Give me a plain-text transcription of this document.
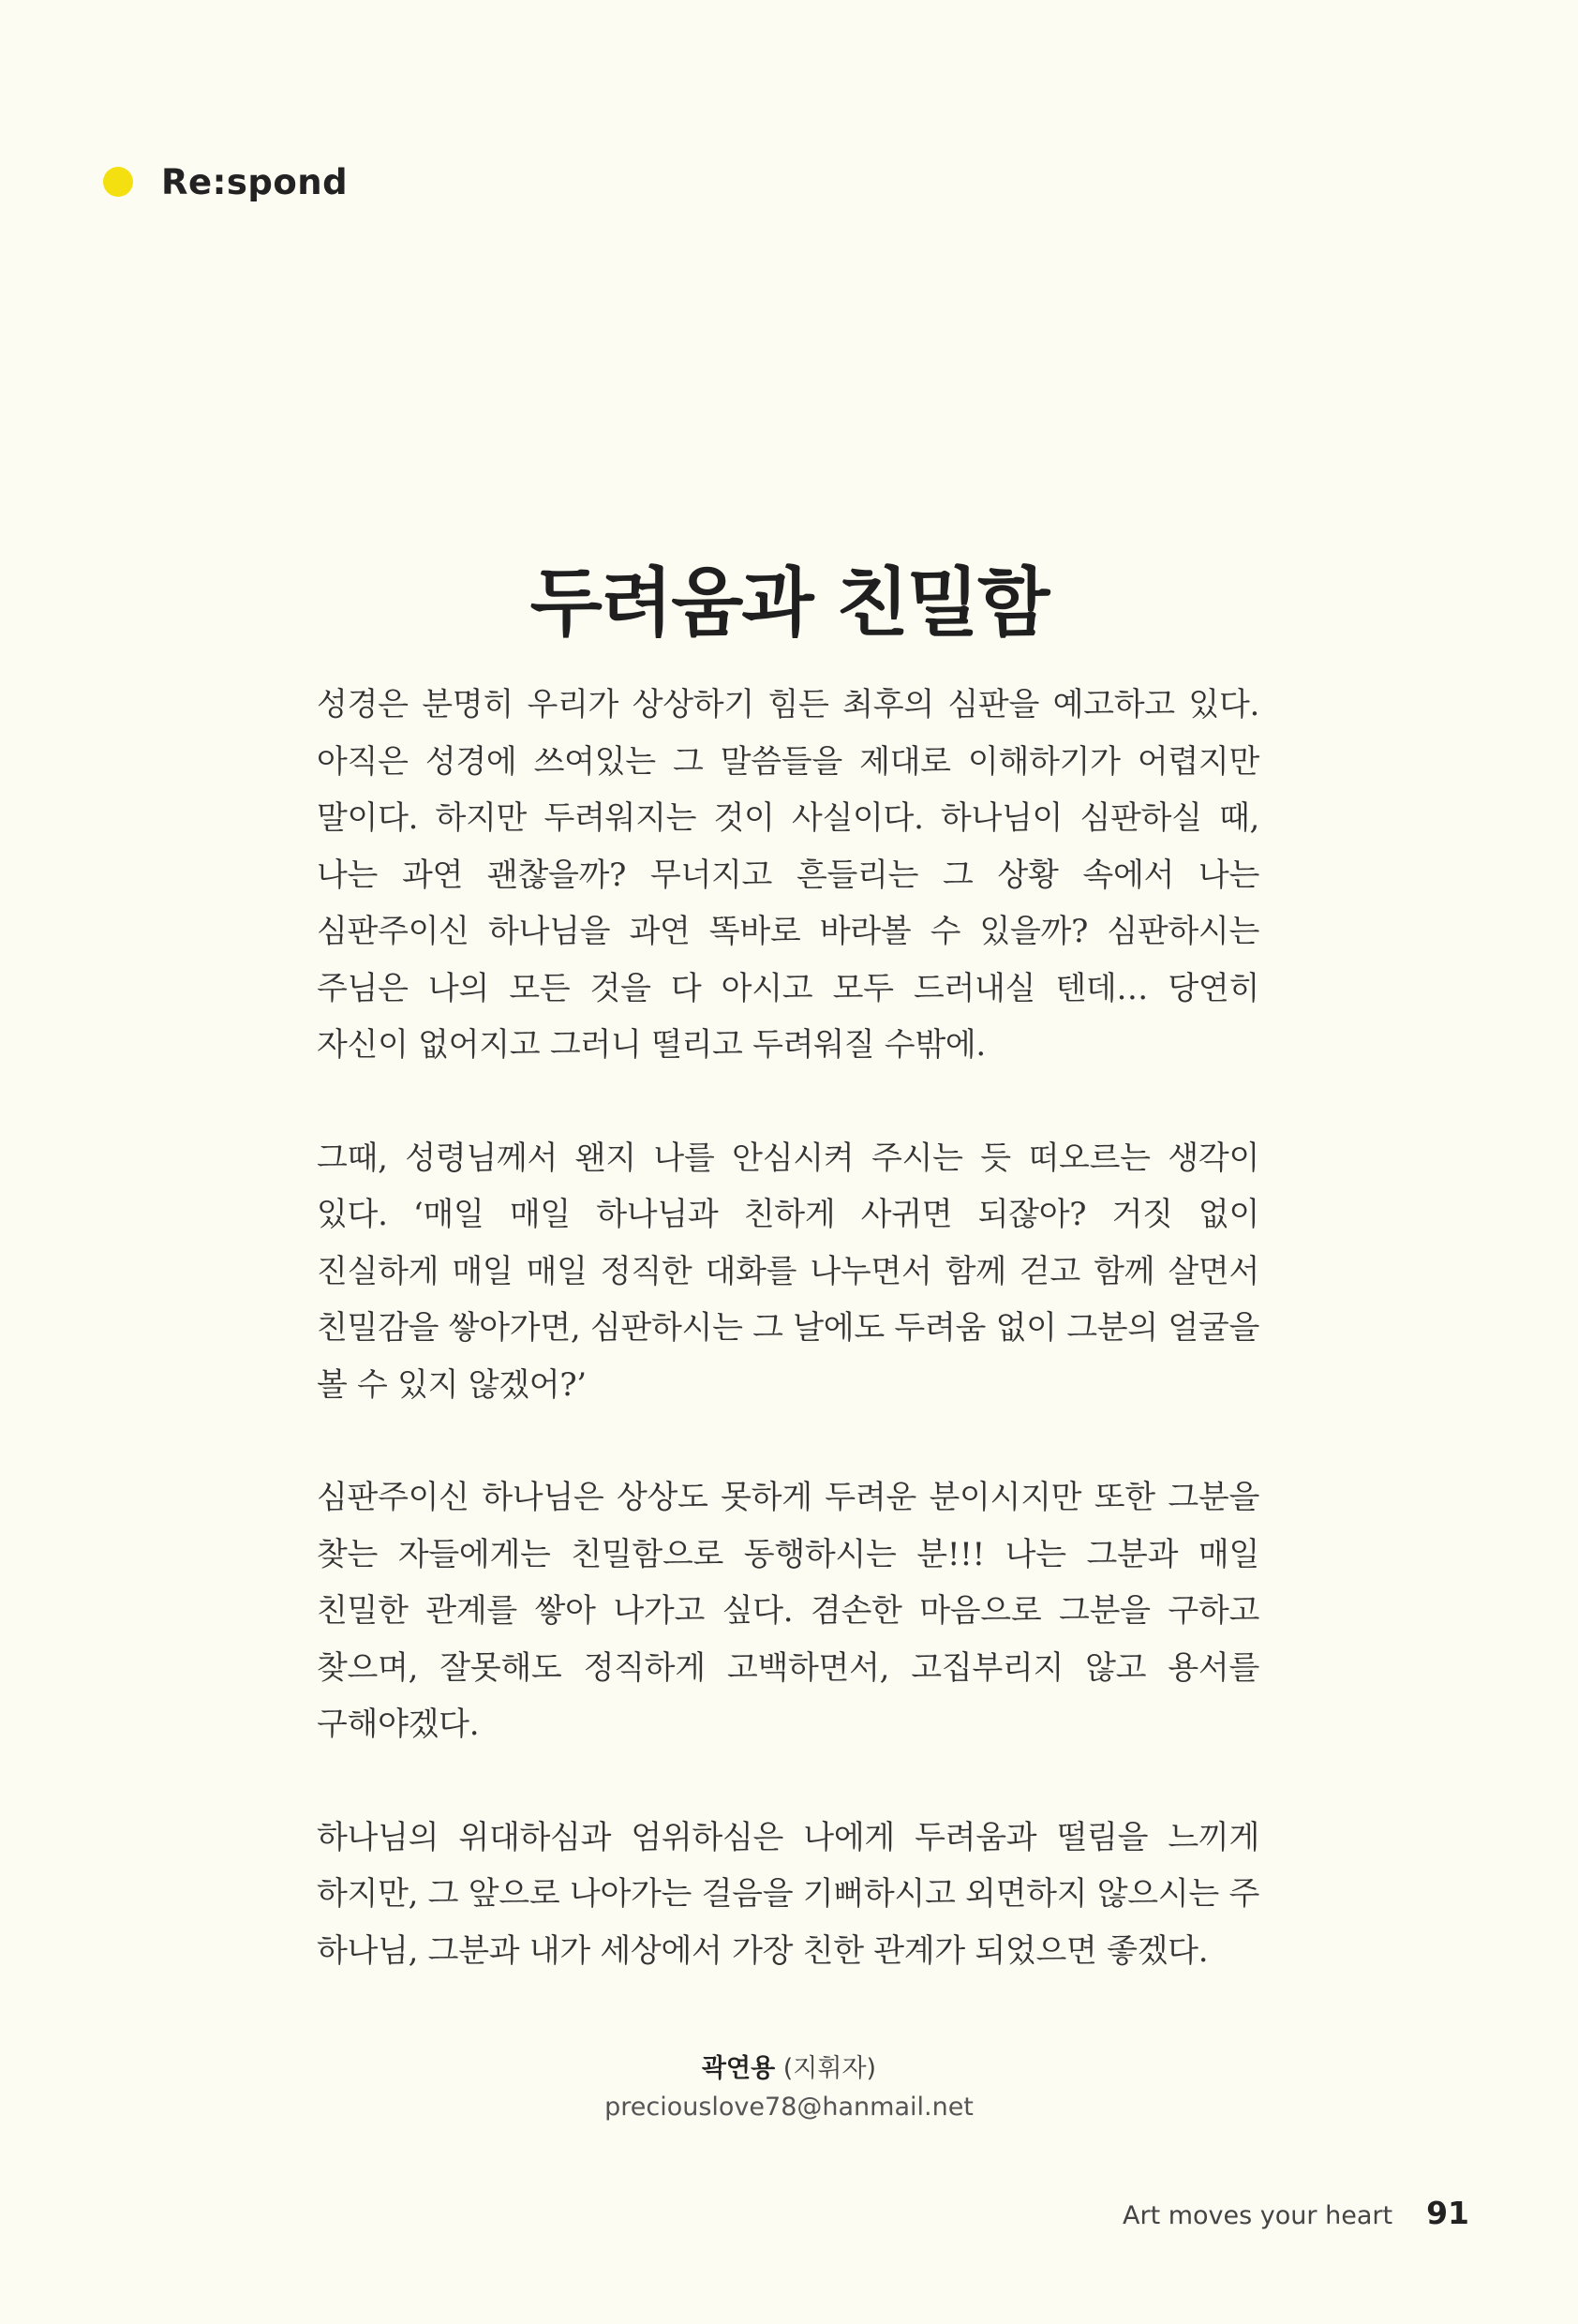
Re:spond
두려움과 친밀함

성경은 분명히 우리가 상상하기 힘든 최후의 심판을 예고하고 있다. 아직은 성경에 쓰여있는 그 말씀들을 제대로 이해하기가 어렵지만 말이다. 하지만 두려워지는 것이 사실이다. 하나님이 심판하실 때, 나는 과연 괜찮을까? 무너지고 흔들리는 그 상황 속에서 나는 심판주이신 하나님을 과연 똑바로 바라볼 수 있을까? 심판하시는 주님은 나의 모든 것을 다 아시고 모두 드러내실 텐데… 당연히 자신이 없어지고 그러니 떨리고 두려워질 수밖에.

그때, 성령님께서 왠지 나를 안심시켜 주시는 듯 떠오르는 생각이 있다. ‘매일 매일 하나님과 친하게 사귀면 되잖아? 거짓 없이 진실하게 매일 매일 정직한 대화를 나누면서 함께 걷고 함께 살면서 친밀감을 쌓아가면, 심판하시는 그 날에도 두려움 없이 그분의 얼굴을 볼 수 있지 않겠어?’

심판주이신 하나님은 상상도 못하게 두려운 분이시지만 또한 그분을 찾는 자들에게는 친밀함으로 동행하시는 분!!! 나는 그분과 매일 친밀한 관계를 쌓아 나가고 싶다. 겸손한 마음으로 그분을 구하고 찾으며, 잘못해도 정직하게 고백하면서, 고집부리지 않고 용서를 구해야겠다.

하나님의 위대하심과 엄위하심은 나에게 두려움과 떨림을 느끼게 하지만, 그 앞으로 나아가는 걸음을 기뻐하시고 외면하지 않으시는 주 하나님, 그분과 내가 세상에서 가장 친한 관계가 되었으면 좋겠다.

곽연용 (지휘자)
preciouslove78@hanmail.net
Art moves your heart 91
